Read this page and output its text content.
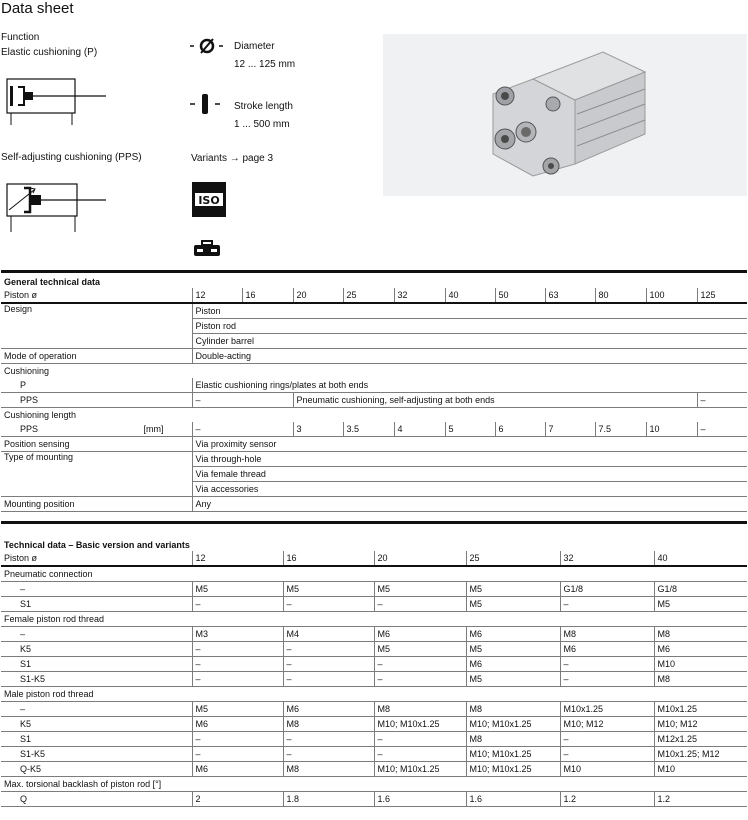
Data sheet
Function
Elastic cushioning (P)
Self-adjusting cushioning (PPS)
Diameter
12 ... 125 mm
Stroke length
1 ... 500 mm
Variants → page 3
ISO
General technical data											
Piston ø	12	16	20	25	32	40	50	63	80	100	125
Design	Piston										
	Piston rod										
	Cylinder barrel										
Mode of operation	Double-acting										
Cushioning											
P	Elastic cushioning rings/plates at both ends										
PPS	–		Pneumatic cushioning, self-adjusting at both ends								–
Cushioning length											
PPS [mm]	–		3	3.5	4	5	6	7	7.5	10	–
Position sensing	Via proximity sensor										
Type of mounting	Via through-hole										
	Via female thread										
	Via accessories										
Mounting position	Any										
Technical data – Basic version and variants						
Piston ø	12	16	20	25	32	40
Pneumatic connection						
–	M5	M5	M5	M5	G1/8	G1/8
S1	–	–	–	M5	–	M5
Female piston rod thread						
–	M3	M4	M6	M6	M8	M8
K5	–	–	M5	M5	M6	M6
S1	–	–	–	M6	–	M10
S1-K5	–	–	–	M5	–	M8
Male piston rod thread						
–	M5	M6	M8	M8	M10x1.25	M10x1.25
K5	M6	M8	M10; M10x1.25	M10; M10x1.25	M10; M12	M10; M12
S1	–	–	–	M8	–	M12x1.25
S1-K5	–	–	–	M10; M10x1.25	–	M10x1.25; M12
Q-K5	M6	M8	M10; M10x1.25	M10; M10x1.25	M10	M10
Max. torsional backlash of piston rod [°]						
Q	2	1.8	1.6	1.6	1.2	1.2
